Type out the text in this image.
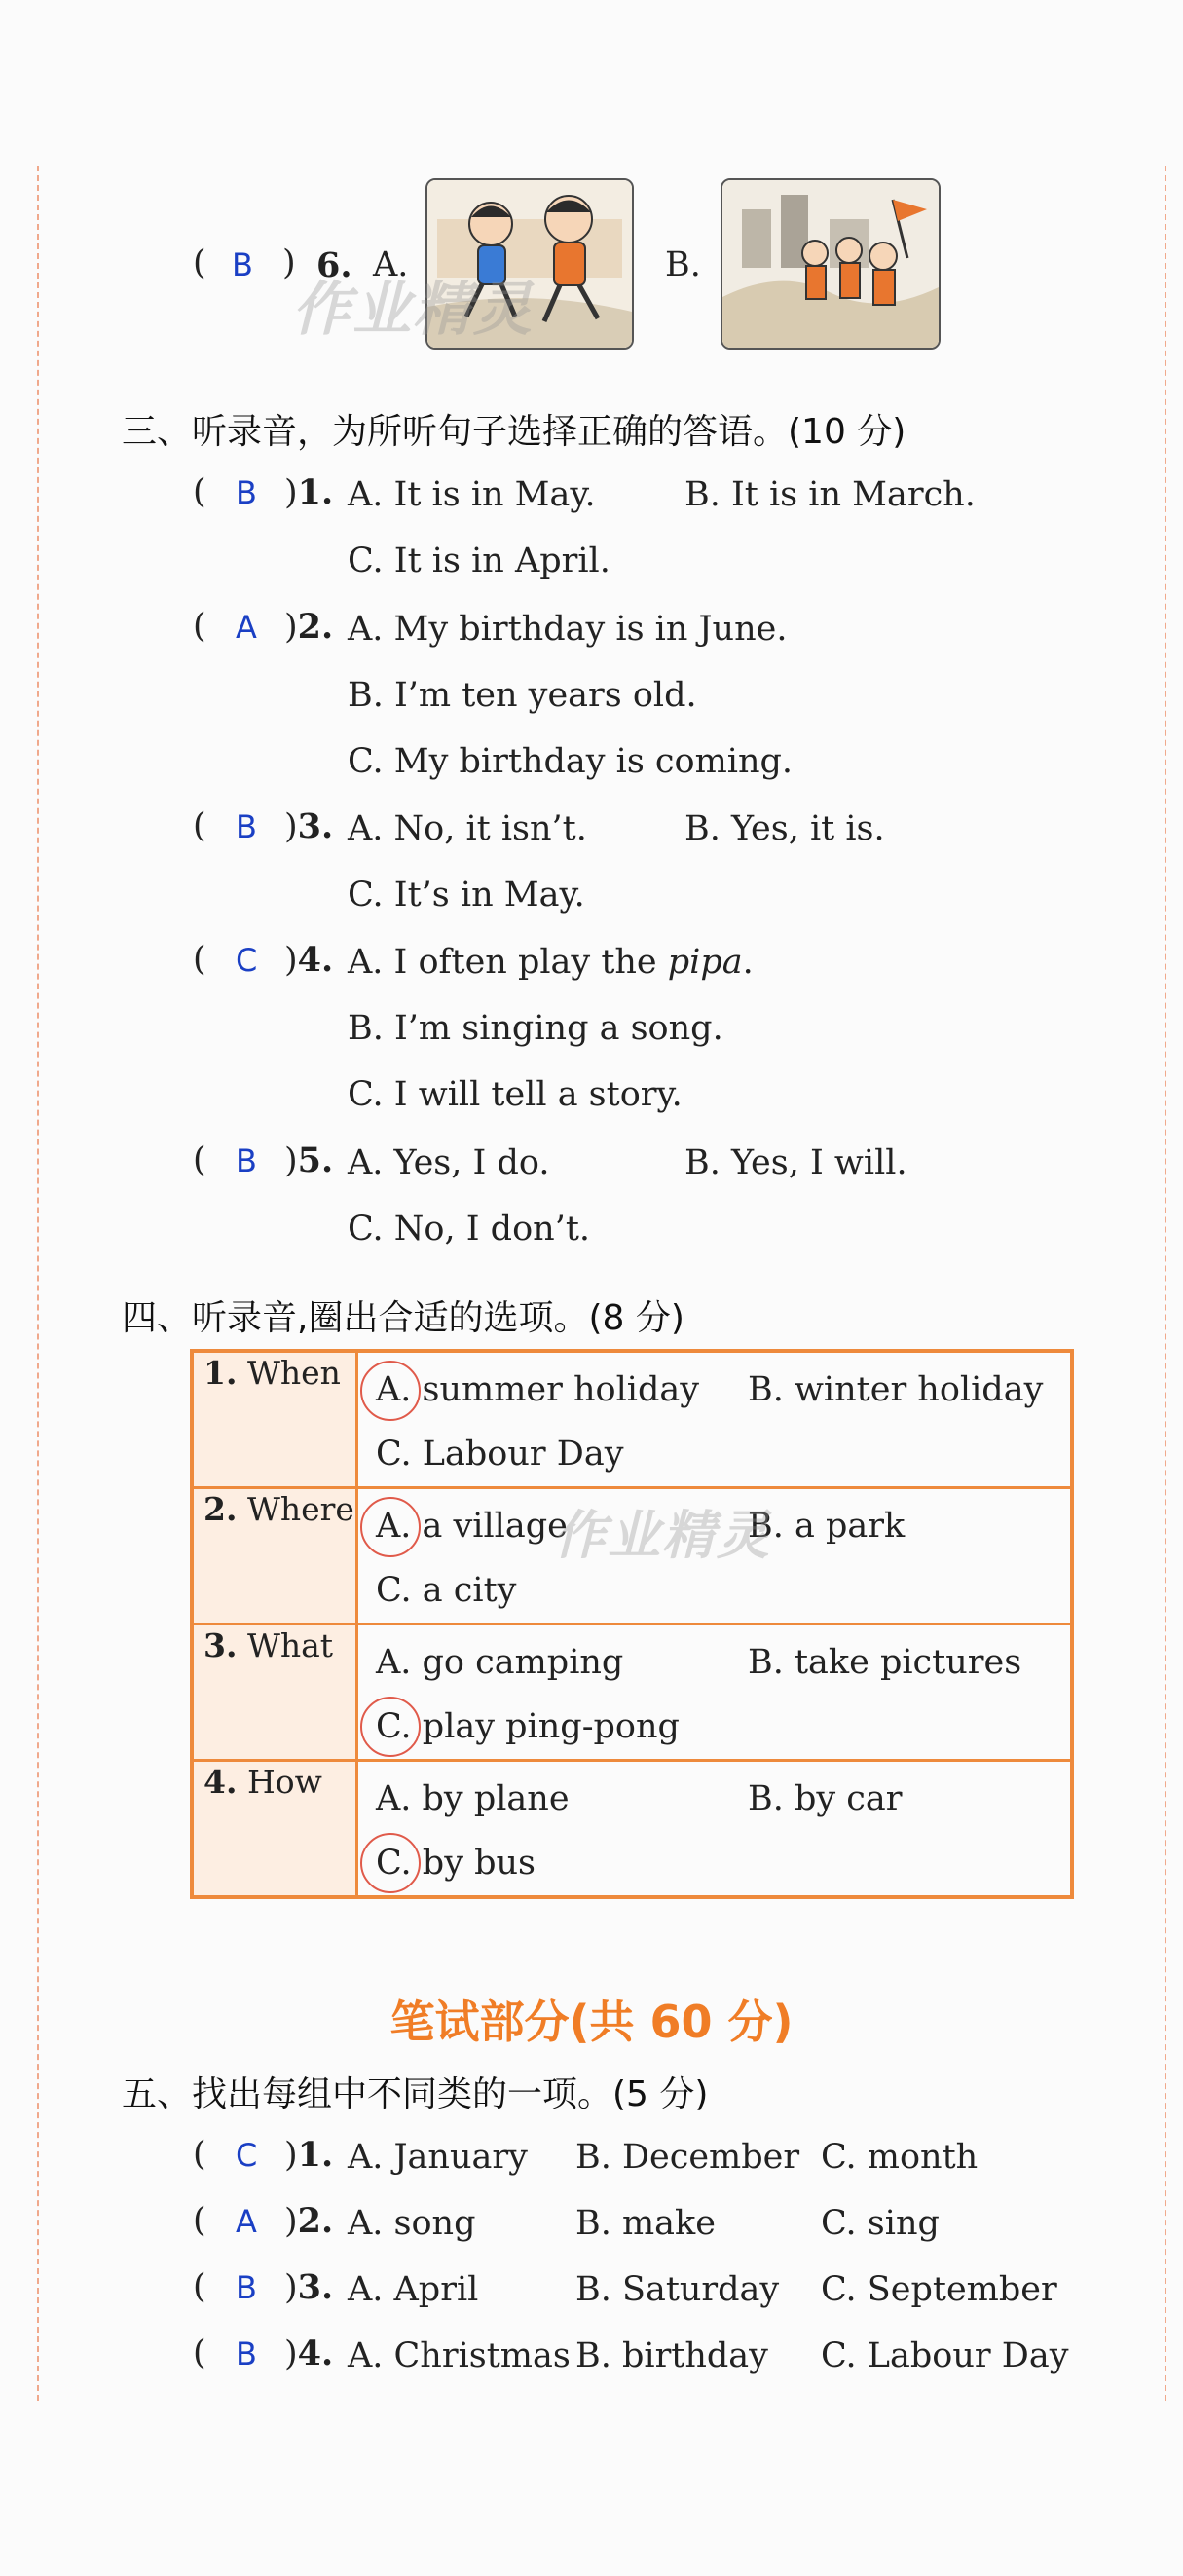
( B ) 6. A.	B.
作业精灵
三、听录音，为所听句子选择正确的答语。(10 分)
( B )1. A. It is in May.	B. It is in March.
C. It is in April.
( A )2. A. My birthday is in June.
B. I’m ten years old.
C. My birthday is coming.
( B )3. A. No, it isn’t.	B. Yes, it is.
C. It’s in May.
( C )4. A. I often play the pipa.
B. I’m singing a song.
C. I will tell a story.
( B )5. A. Yes, I do.	B. Yes, I will.
C. No, I don’t.
四、听录音,圈出合适的选项。(8 分)
1. When	A. summer holiday B. winter holiday
C. Labour Day

2. Where	A. a village B. a park
C. a city
作业精灵

3. What	A. go camping B. take pictures
C. play ping-pong

4. How	A. by plane B. by car
C. by bus
笔试部分(共 60 分)
五、找出每组中不同类的一项。(5 分)
( C )1. A. January B. December C. month
( A )2. A. song	B. make	C. sing
( B )3. A. April	B. Saturday C. September
( B )4. A. Christmas B. birthday C. Labour Day
